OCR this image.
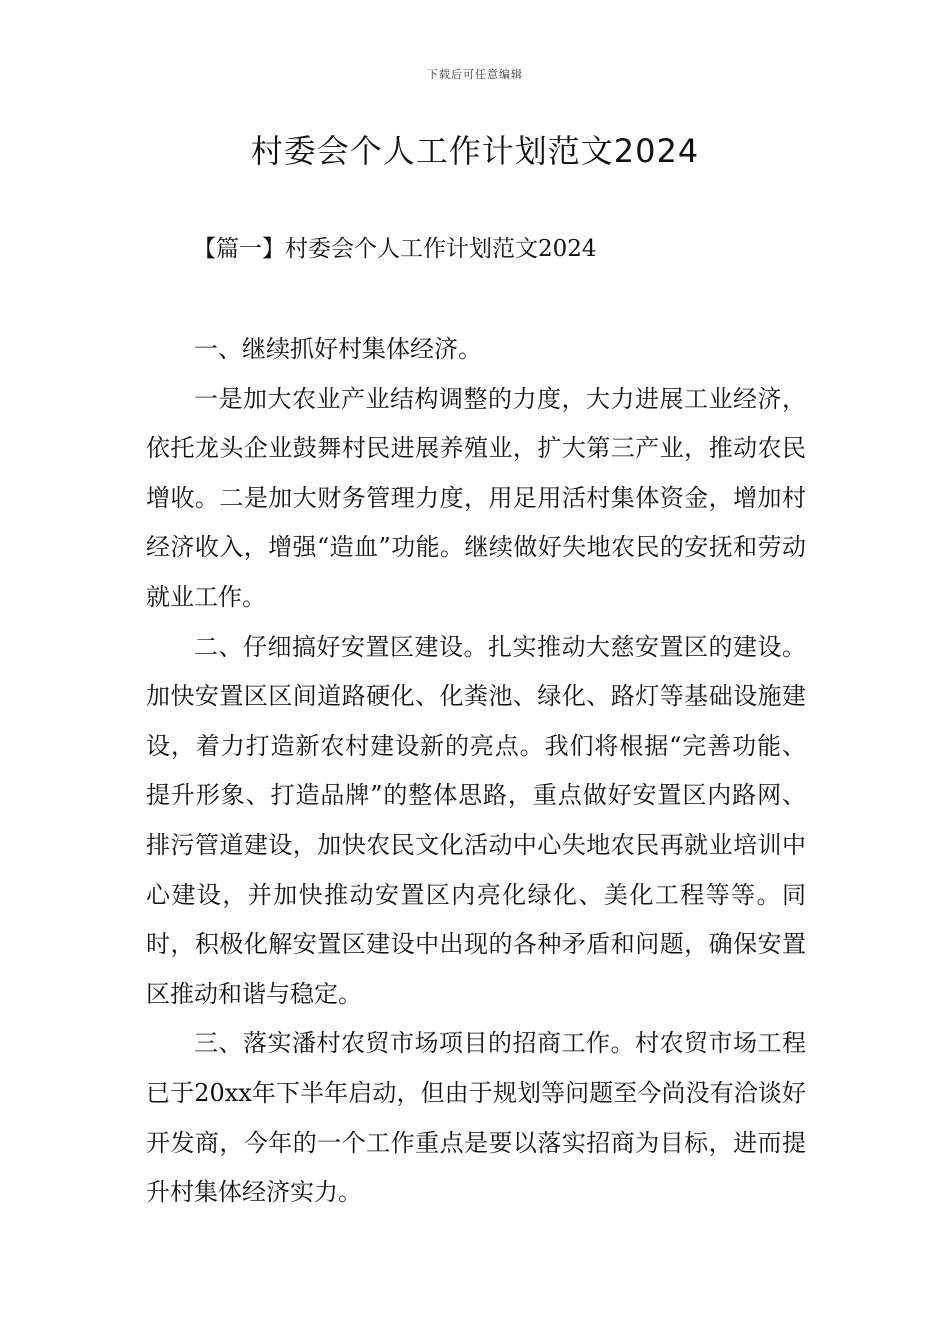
下载后可任意编辑
村委会个人工作计划范文2024
【篇一】村委会个人工作计划范文2024

一、继续抓好村集体经济。

一是加大农业产业结构调整的力度，大力进展工业经济，依托龙头企业鼓舞村民进展养殖业，扩大第三产业，推动农民增收。二是加大财务管理力度，用足用活村集体资金，增加村经济收入，增强“造血”功能。继续做好失地农民的安抚和劳动就业工作。

二、仔细搞好安置区建设。扎实推动大慈安置区的建设。加快安置区区间道路硬化、化粪池、绿化、路灯等基础设施建设，着力打造新农村建设新的亮点。我们将根据“完善功能、提升形象、打造品牌”的整体思路，重点做好安置区内路网、排污管道建设，加快农民文化活动中心失地农民再就业培训中心建设，并加快推动安置区内亮化绿化、美化工程等等。同时，积极化解安置区建设中出现的各种矛盾和问题，确保安置区推动和谐与稳定。

三、落实潘村农贸市场项目的招商工作。村农贸市场工程已于20xx年下半年启动，但由于规划等问题至今尚没有洽谈好开发商，今年的一个工作重点是要以落实招商为目标，进而提升村集体经济实力。
